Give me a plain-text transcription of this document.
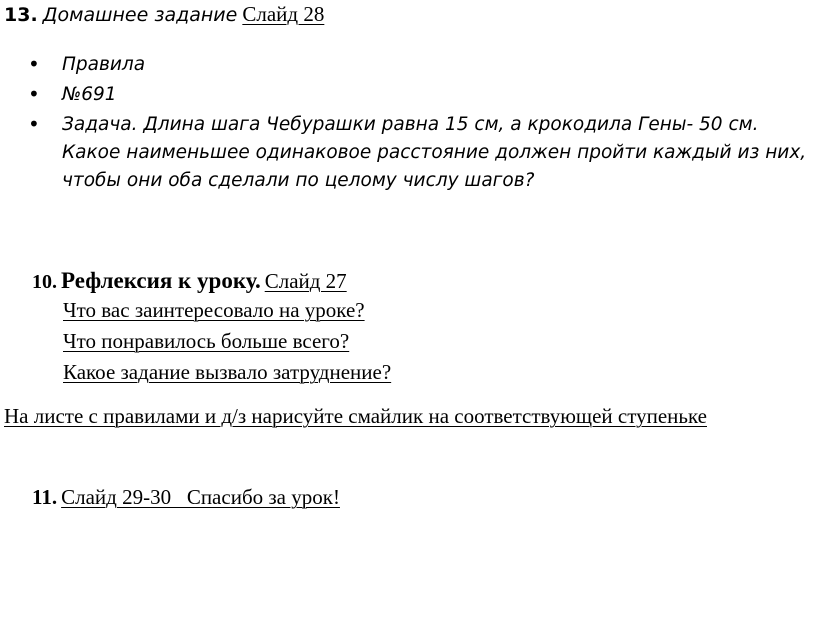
13. Домашнее задание Слайд 28
• Правила
• №691
• Задача. Длина шага Чебурашки равна 15 см, а крокодила Гены- 50 см.
Какое наименьшее одинаковое расстояние должен пройти каждый из них,
чтобы они оба сделали по целому числу шагов?
10. Рефлексия к уроку. Слайд 27
Что вас заинтересовало на уроке?
Что понравилось больше всего?
Какое задание вызвало затруднение?
На листе с правилами и д/з нарисуйте смайлик на соответствующей ступеньке
11. Слайд 29-30   Спасибо за урок!
